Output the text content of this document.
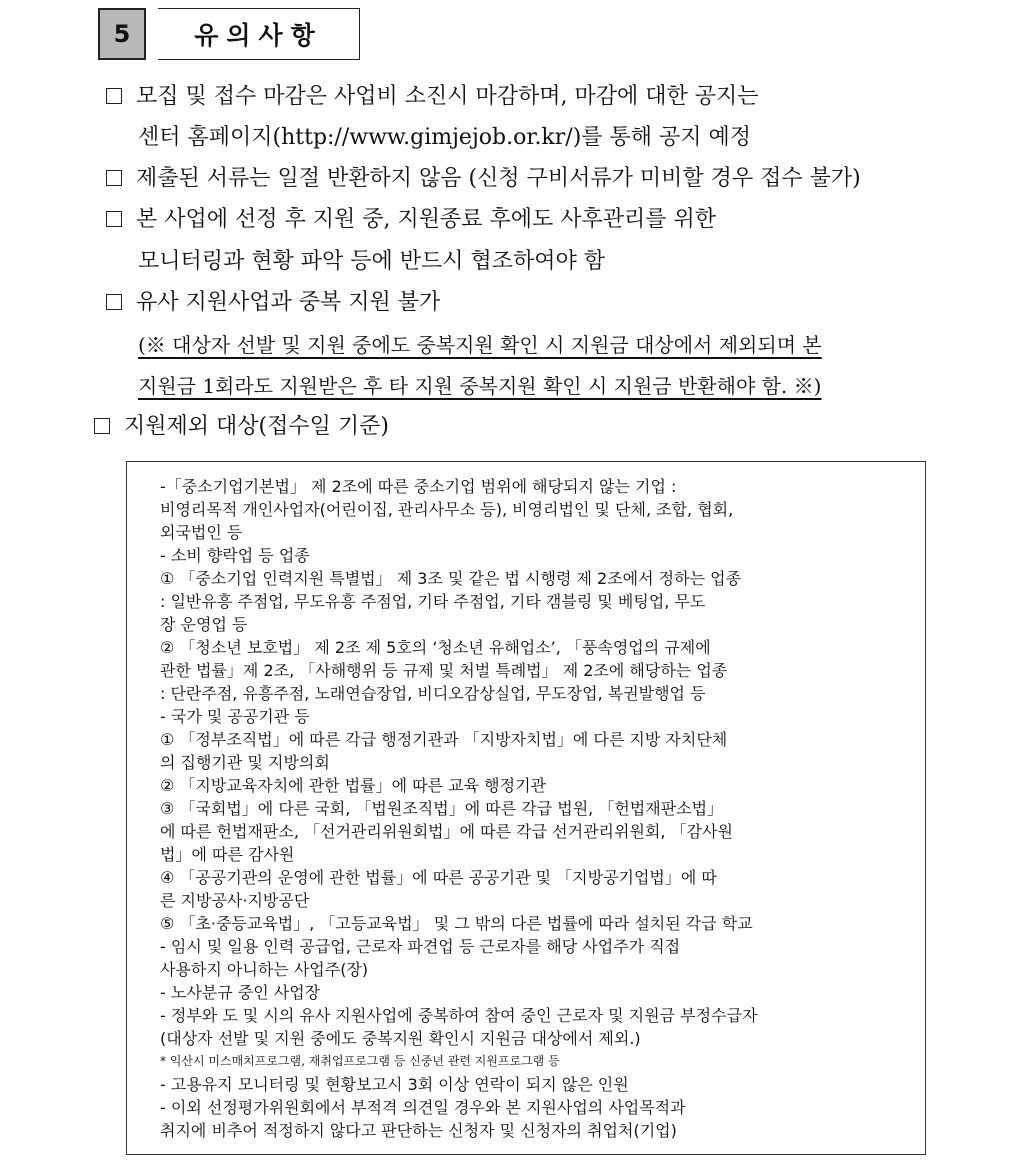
5	유의사항
모집 및 접수 마감은 사업비 소진시 마감하며, 마감에 대한 공지는
센터 홈페이지(http://www.gimjejob.or.kr/)를 통해 공지 예정
제출된 서류는 일절 반환하지 않음 (신청 구비서류가 미비할 경우 접수 불가)
본 사업에 선정 후 지원 중, 지원종료 후에도 사후관리를 위한
모니터링과 현황 파악 등에 반드시 협조하여야 함
유사 지원사업과 중복 지원 불가
(※ 대상자 선발 및 지원 중에도 중복지원 확인 시 지원금 대상에서 제외되며 본
지원금 1회라도 지원받은 후 타 지원 중복지원 확인 시 지원금 반환해야 함. ※)
지원제외 대상(접수일 기준)
-「중소기업기본법」 제 2조에 따른 중소기업 범위에 해당되지 않는 기업 :
비영리목적 개인사업자(어린이집, 관리사무소 등), 비영리법인 및 단체, 조합, 협회,
외국법인 등
- 소비 향락업 등 업종
① 「중소기업 인력지원 특별법」 제 3조 및 같은 법 시행령 제 2조에서 정하는 업종
: 일반유흥 주점업, 무도유흥 주점업, 기타 주점업, 기타 갬블링 및 베팅업, 무도
장 운영업 등
② 「청소년 보호법」 제 2조 제 5호의 ‘청소년 유해업소’, 「풍속영업의 규제에
관한 법률」제 2조, 「사해행위 등 규제 및 처벌 특례법」 제 2조에 해당하는 업종
: 단란주점, 유흥주점, 노래연습장업, 비디오감상실업, 무도장업, 복권발행업 등
- 국가 및 공공기관 등
① 「정부조직법」에 따른 각급 행정기관과 「지방자치법」에 다른 지방 자치단체
의 집행기관 및 지방의회
② 「지방교육자치에 관한 법률」에 따른 교육 행정기관
③ 「국회법」에 다른 국회, 「법원조직법」에 따른 각급 법원, 「헌법재판소법」
에 따른 헌법재판소, 「선거관리위원회법」에 따른 각급 선거관리위원회, 「감사원
법」에 따른 감사원
④ 「공공기관의 운영에 관한 법률」에 따른 공공기관 및 「지방공기업법」에 따
른 지방공사·지방공단
⑤ 「초·중등교육법」, 「고등교육법」 및 그 밖의 다른 법률에 따라 설치된 각급 학교
- 임시 및 일용 인력 공급업, 근로자 파견업 등 근로자를 해당 사업주가 직접
사용하지 아니하는 사업주(장)
- 노사분규 중인 사업장
- 정부와 도 및 시의 유사 지원사업에 중복하여 참여 중인 근로자 및 지원금 부정수급자
(대상자 선발 및 지원 중에도 중복지원 확인시 지원금 대상에서 제외.)
* 익산시 미스매치프로그램, 재취업프로그램 등 신중년 관련 지원프로그램 등
- 고용유지 모니터링 및 현황보고시 3회 이상 연락이 되지 않은 인원
- 이외 선정평가위원회에서 부적격 의견일 경우와 본 지원사업의 사업목적과
취지에 비추어 적정하지 않다고 판단하는 신청자 및 신청자의 취업처(기업)
